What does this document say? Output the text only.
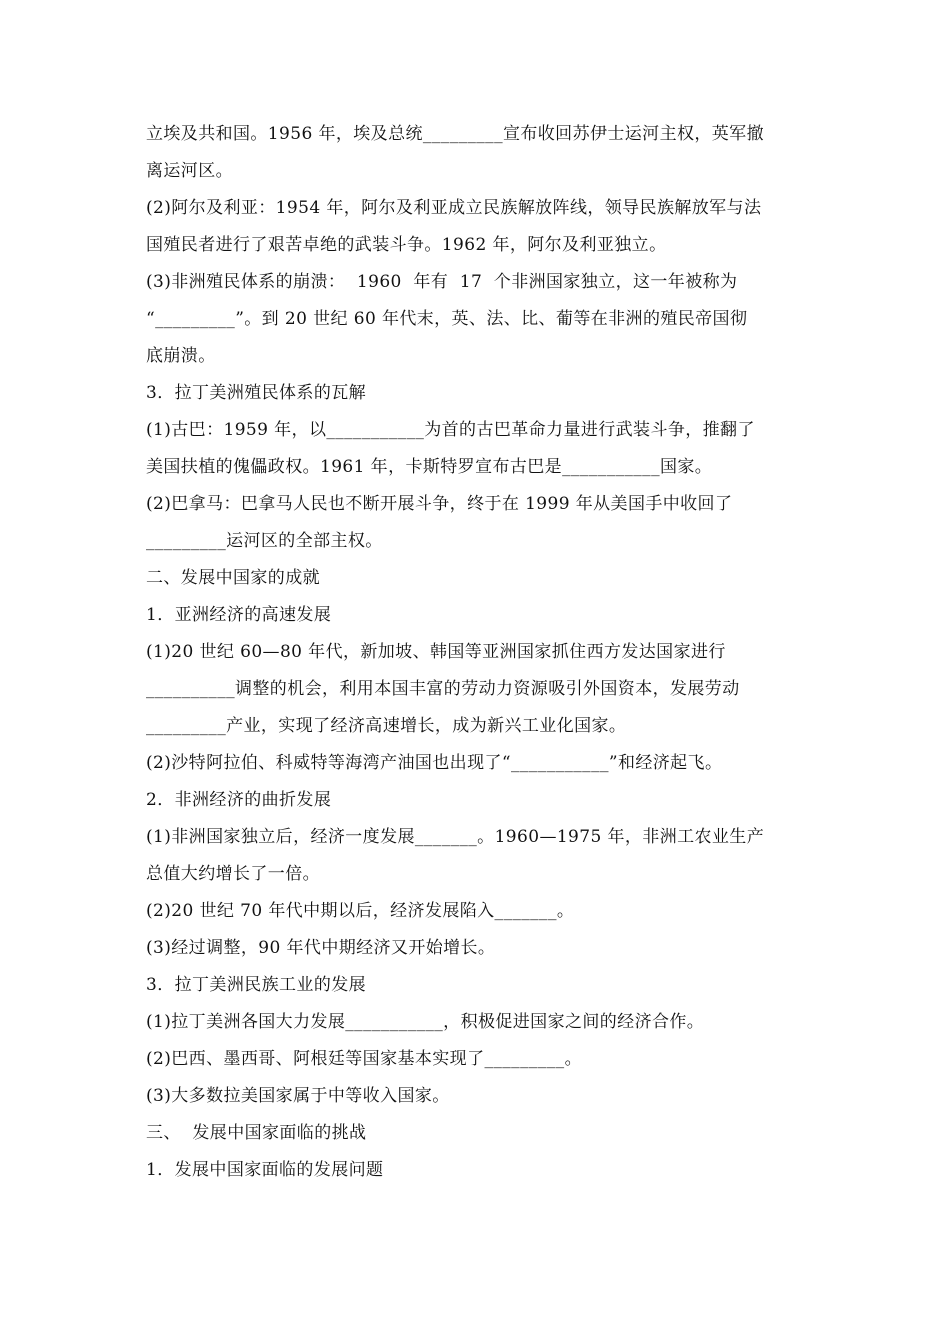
立埃及共和国。1956 年，埃及总统_________宣布收回苏伊士运河主权，英军撤
离运河区。
(2)阿尔及利亚：1954 年，阿尔及利亚成立民族解放阵线，领导民族解放军与法
国殖民者进行了艰苦卓绝的武装斗争。1962 年，阿尔及利亚独立。
(3)非洲殖民体系的崩溃：  1960  年有  17  个非洲国家独立，这一年被称为
“_________”。到 20 世纪 60 年代末，英、法、比、葡等在非洲的殖民帝国彻
底崩溃。
3．拉丁美洲殖民体系的瓦解
(1)古巴：1959 年，以___________为首的古巴革命力量进行武装斗争，推翻了
美国扶植的傀儡政权。1961 年，卡斯特罗宣布古巴是___________国家。
(2)巴拿马：巴拿马人民也不断开展斗争，终于在 1999 年从美国手中收回了
_________运河区的全部主权。
二、发展中国家的成就
1．亚洲经济的高速发展
(1)20 世纪 60—80 年代，新加坡、韩国等亚洲国家抓住西方发达国家进行
__________调整的机会，利用本国丰富的劳动力资源吸引外国资本，发展劳动
_________产业，实现了经济高速增长，成为新兴工业化国家。
(2)沙特阿拉伯、科威特等海湾产油国也出现了“___________”和经济起飞。
2．非洲经济的曲折发展
(1)非洲国家独立后，经济一度发展_______。1960—1975 年，非洲工农业生产
总值大约增长了一倍。
(2)20 世纪 70 年代中期以后，经济发展陷入_______。
(3)经过调整，90 年代中期经济又开始增长。
3．拉丁美洲民族工业的发展
(1)拉丁美洲各国大力发展___________，积极促进国家之间的经济合作。
(2)巴西、墨西哥、阿根廷等国家基本实现了_________。
(3)大多数拉美国家属于中等收入国家。
三、  发展中国家面临的挑战
1．发展中国家面临的发展问题
